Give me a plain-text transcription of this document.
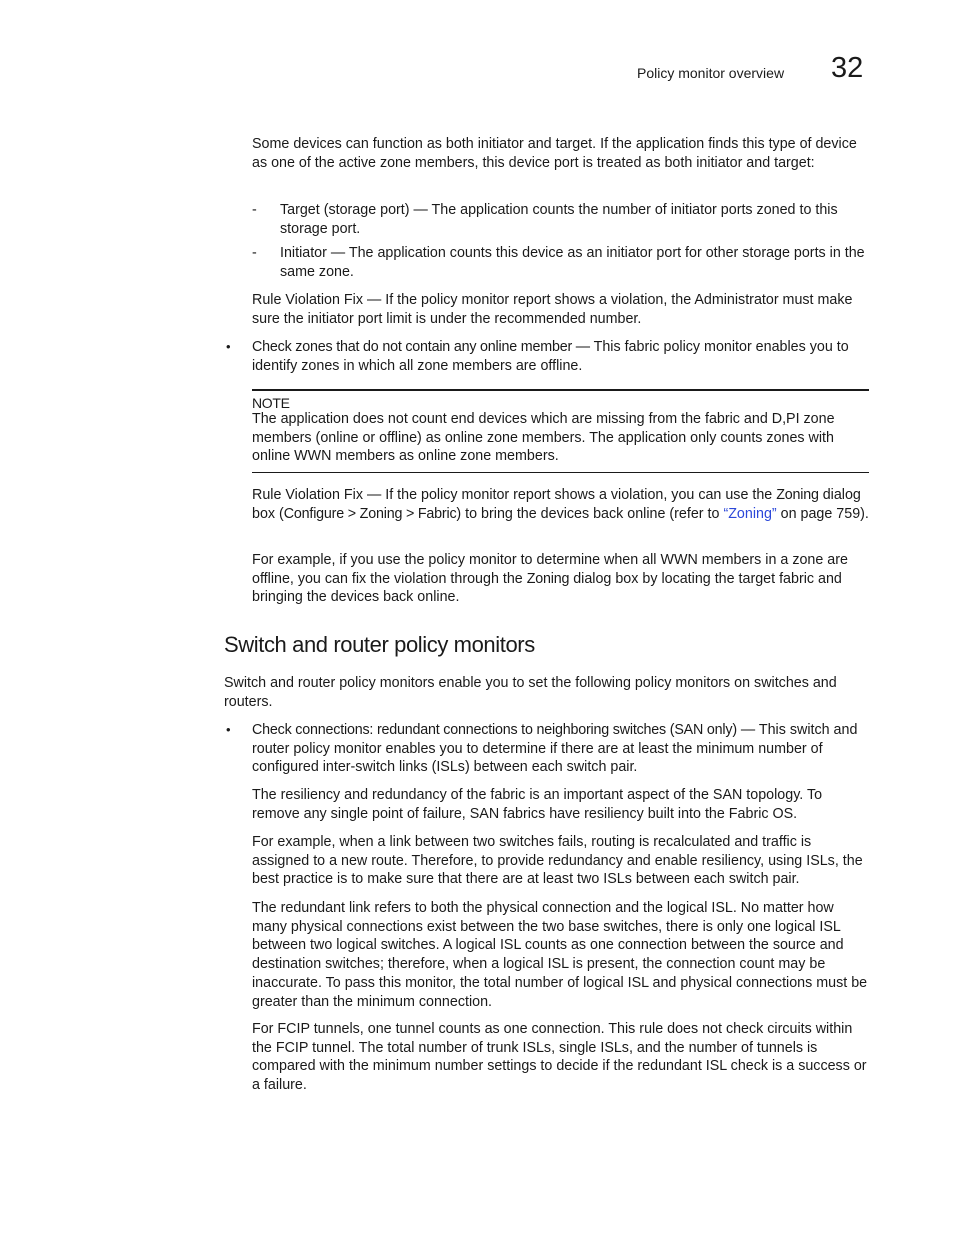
Policy monitor overview 32

Some devices can function as both initiator and target. If the application finds this type of device as one of the active zone members, this device port is treated as both initiator and target:

- Target (storage port) — The application counts the number of initiator ports zoned to this storage port.

- Initiator — The application counts this device as an initiator port for other storage ports in the same zone.

Rule Violation Fix — If the policy monitor report shows a violation, the Administrator must make sure the initiator port limit is under the recommended number.

• Check zones that do not contain any online member — This fabric policy monitor enables you to identify zones in which all zone members are offline.

NOTE

The application does not count end devices which are missing from the fabric and D,PI zone members (online or offline) as online zone members. The application only counts zones with online WWN members as online zone members.

Rule Violation Fix — If the policy monitor report shows a violation, you can use the Zoning dialog box (Configure > Zoning > Fabric) to bring the devices back online (refer to “Zoning” on page 759).

For example, if you use the policy monitor to determine when all WWN members in a zone are offline, you can fix the violation through the Zoning dialog box by locating the target fabric and bringing the devices back online.

Switch and router policy monitors

Switch and router policy monitors enable you to set the following policy monitors on switches and routers.

• Check connections: redundant connections to neighboring switches (SAN only) — This switch and router policy monitor enables you to determine if there are at least the minimum number of configured inter-switch links (ISLs) between each switch pair.

The resiliency and redundancy of the fabric is an important aspect of the SAN topology. To remove any single point of failure, SAN fabrics have resiliency built into the Fabric OS.

For example, when a link between two switches fails, routing is recalculated and traffic is assigned to a new route. Therefore, to provide redundancy and enable resiliency, using ISLs, the best practice is to make sure that there are at least two ISLs between each switch pair.

The redundant link refers to both the physical connection and the logical ISL. No matter how many physical connections exist between the two base switches, there is only one logical ISL between two logical switches. A logical ISL counts as one connection between the source and destination switches; therefore, when a logical ISL is present, the connection count may be inaccurate. To pass this monitor, the total number of logical ISL and physical connections must be greater than the minimum connection.

For FCIP tunnels, one tunnel counts as one connection. This rule does not check circuits within the FCIP tunnel. The total number of trunk ISLs, single ISLs, and the number of tunnels is compared with the minimum number settings to decide if the redundant ISL check is a success or a failure.
